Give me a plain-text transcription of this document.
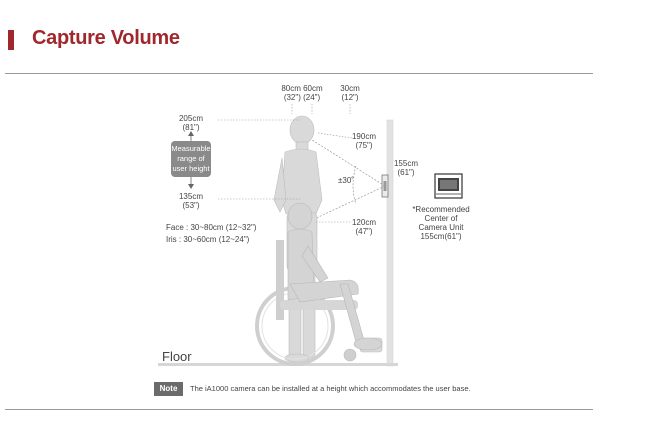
Capture Volume
Measurable
range of
user height
205cm
(81")
135cm
(53")
Face : 30~80cm (12~32")
Iris : 30~60cm (12~24")
80cm 60cm
(32") (24")
30cm
(12")
190cm
(75")
±30˚
155cm
(61")
120cm
(47")
*Recommended
Center of
Camera Unit
155cm(61")
Floor
Note	The iA1000 camera can be installed at a height which accommodates the user base.
